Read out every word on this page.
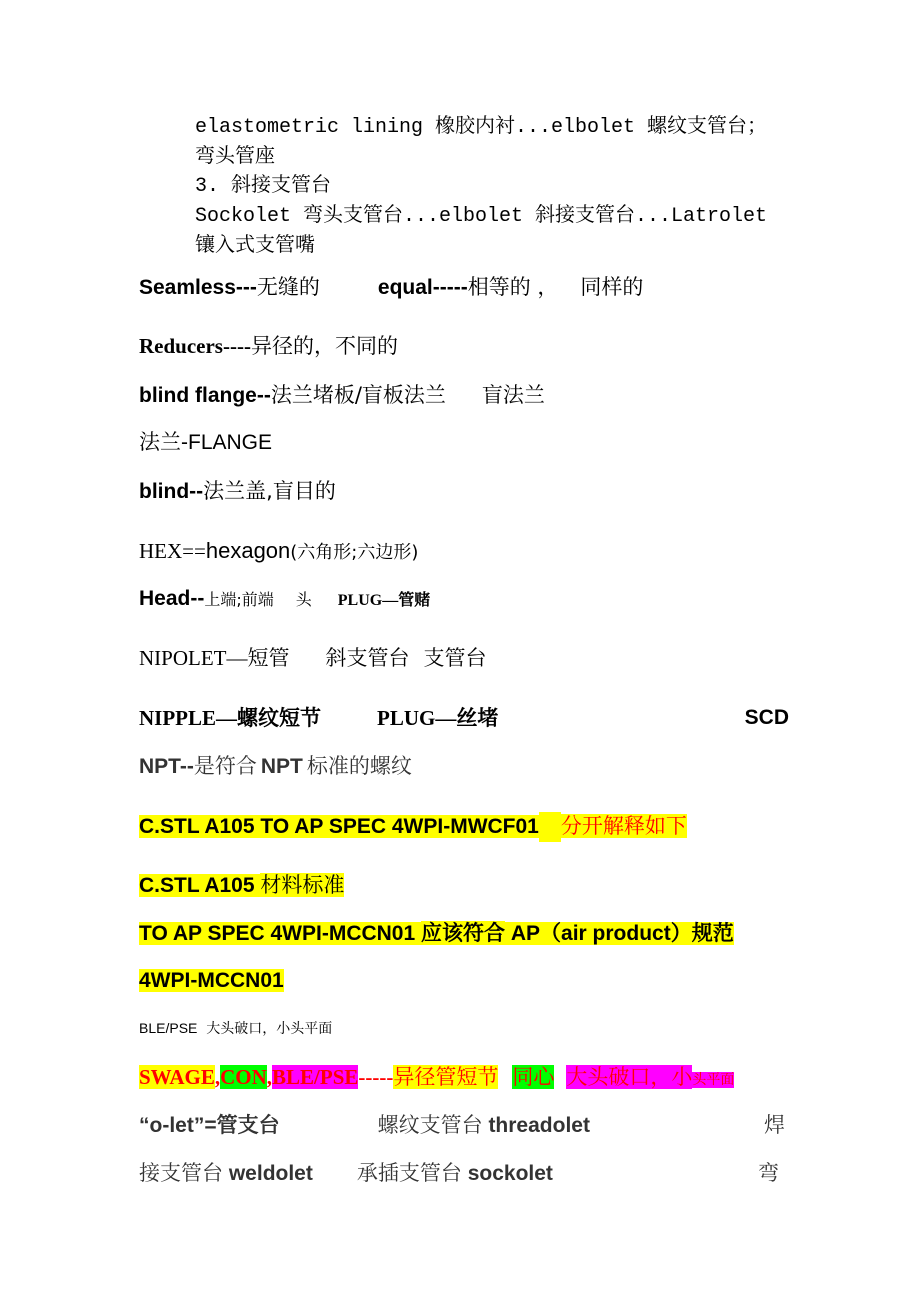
elastometric lining 橡胶内衬...elbolet 螺纹支管台；
弯头管座
3. 斜接支管台
Sockolet 弯头支管台...elbolet 斜接支管台...Latrolet
镶入式支管嘴
Seamless---无缝的	equal-----相等的 ， 同样的
Reducers----异径的，不同的
blind flange--法兰堵板/盲板法兰 盲法兰
法兰-FLANGE
blind--法兰盖,盲目的
HEX==hexagon(六角形;六边形)
Head--上端;前端 头 PLUG—管赌
NIPOLET—短管 斜支管台 支管台
NIPPLE—螺纹短节	PLUG—丝堵	SCD
NPT--是符合 NPT 标准的螺纹
C.STL A105 TO AP SPEC 4WPI-MWCF01 分开解释如下
C.STL A105 材料标准
TO AP SPEC 4WPI-MCCN01 应该符合 AP（air product）规范
4WPI-MCCN01
BLE/PSE 大头破口，小头平面
SWAGE,CON,BLE/PSE-----异径管短节 同心 大头破口，小头平面
“o-let”=管支台	螺纹支管台 threadolet	焊
接支管台 weldolet 承插支管台 sockolet	弯
